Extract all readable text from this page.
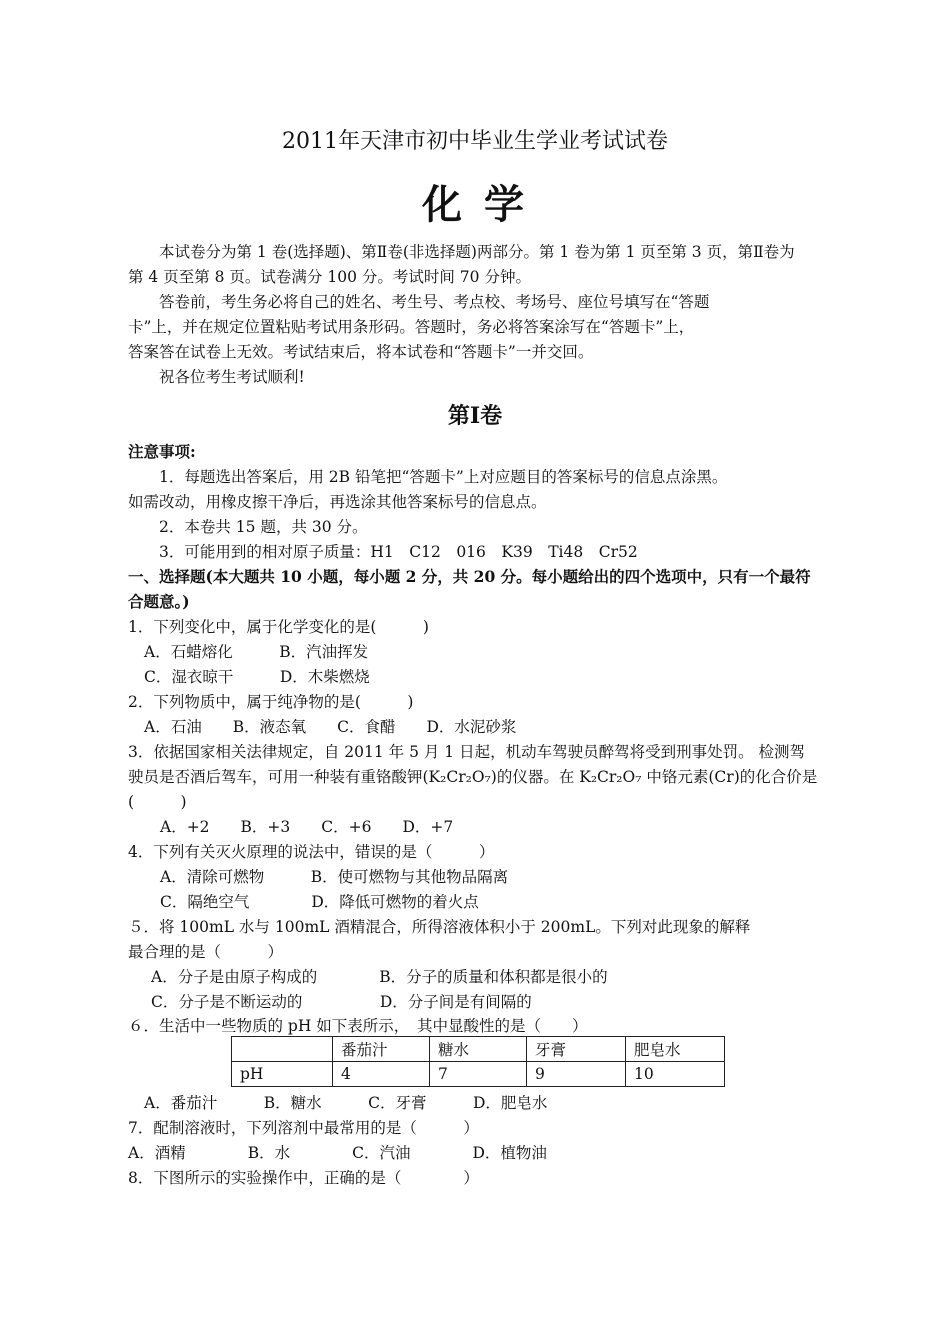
2011年天津市初中毕业生学业考试试卷
化 学
本试卷分为第 1 卷(选择题)、第Ⅱ卷(非选择题)两部分。第 1 卷为第 1 页至第 3 页，第Ⅱ卷为
第 4 页至第 8 页。试卷满分 100 分。考试时间 70 分钟。
答卷前，考生务必将自己的姓名、考生号、考点校、考场号、座位号填写在“答题
卡”上，并在规定位置粘贴考试用条形码。答题时，务必将答案涂写在“答题卡”上，
答案答在试卷上无效。考试结束后，将本试卷和“答题卡”一并交回。
祝各位考生考试顺利!
第Ⅰ卷
注意事项:
1．每题选出答案后，用 2B 铅笔把“答题卡”上对应题目的答案标号的信息点涂黑。
如需改动，用橡皮擦干净后，再选涂其他答案标号的信息点。
2．本卷共 15 题，共 30 分。
3．可能用到的相对原子质量：H1　C12　016　K39　Ti48　Cr52
一、选择题(本大题共 10 小题，每小题 2 分，共 20 分。每小题给出的四个选项中，只有一个最符
合题意。)
1．下列变化中，属于化学变化的是(　　　)
A．石蜡熔化　　　B．汽油挥发
C．湿衣晾干　　　D．木柴燃烧
2．下列物质中，属于纯净物的是(　　　)
A．石油　　B．液态氧　　C．食醋　　D．水泥砂浆
3．依据国家相关法律规定，自 2011 年 5 月 1 日起，机动车驾驶员醉驾将受到刑事处罚。 检测驾
驶员是否酒后驾车，可用一种装有重铬酸钾(K₂Cr₂O₇)的仪器。在 K₂Cr₂O₇ 中铬元素(Cr)的化合价是
(　　　)
A．+2　　B．+3　　C．+6　　D．+7
4．下列有关灭火原理的说法中，错误的是（　　　）
A．清除可燃物　　　B．使可燃物与其他物品隔离
C．隔绝空气　　　　D．降低可燃物的着火点
５．将 100mL 水与 100mL 酒精混合，所得溶液体积小于 200mL。下列对此现象的解释
最合理的是（　　　）
A．分子是由原子构成的　　　　B．分子的质量和体积都是很小的
C．分子是不断运动的　　　　　D．分子间是有间隔的
６．生活中一些物质的 pH 如下表所示，　其中显酸性的是（　　）
	番茄汁	糖水	牙膏	肥皂水
pH	4	7	9	10
A．番茄汁　　　B．糖水　　　C．牙膏　　　D．肥皂水
7．配制溶液时，下列溶剂中最常用的是（　　　）
A．酒精　　　　B．水　　　　C．汽油　　　　D．植物油
8．下图所示的实验操作中，正确的是（　　　　）
